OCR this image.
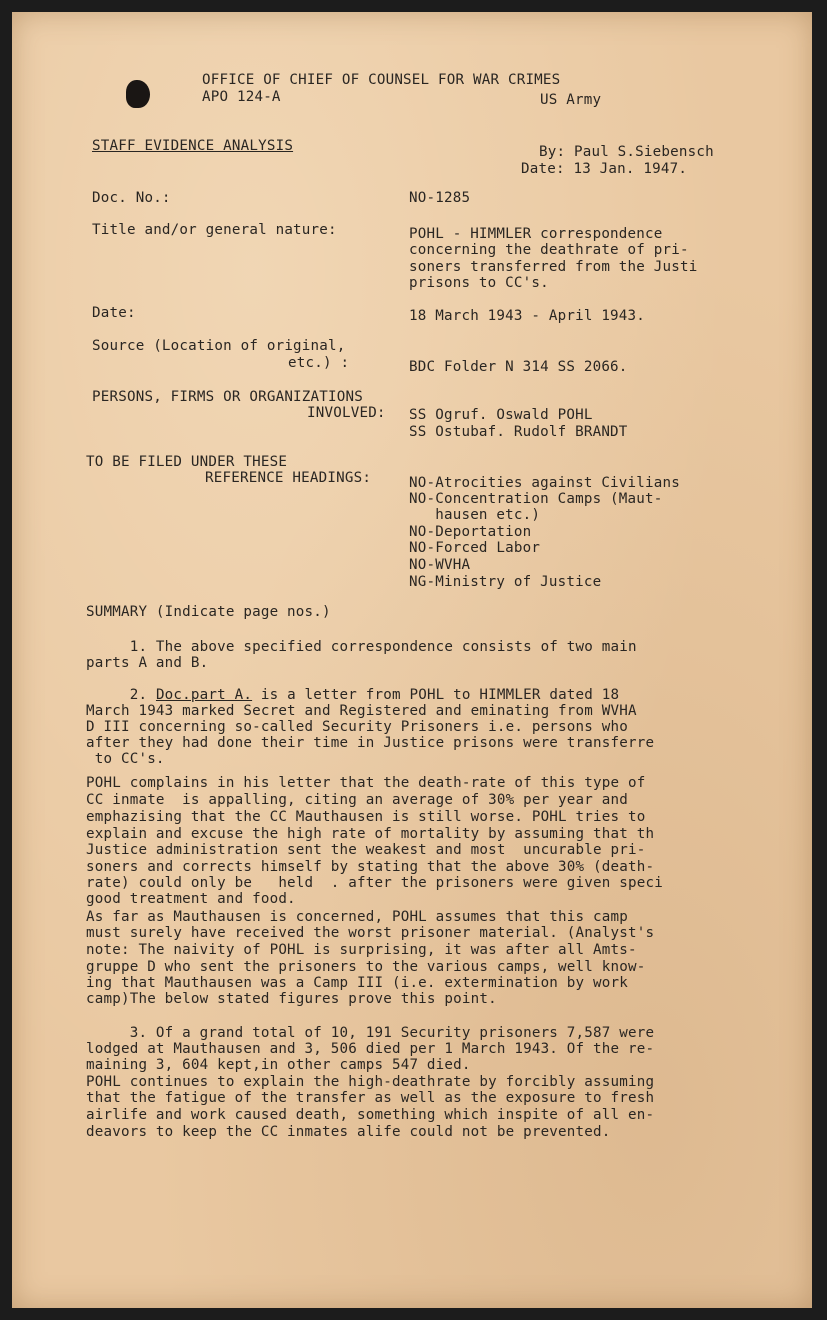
OFFICE OF CHIEF OF COUNSEL FOR WAR CRIMES
APO 124-A	US Army
STAFF EVIDENCE ANALYSIS	By: Paul S.Siebensch
Date: 13 Jan. 1947.
Doc. No.:	NO-1285
Title and/or general nature:	POHL - HIMMLER correspondence
concerning the deathrate of pri-
soners transferred from the Justi
prisons to CC's.
Date:	18 March 1943 - April 1943.
Source (Location of original,
etc.) :	BDC Folder N 314 SS 2066.
PERSONS, FIRMS OR ORGANIZATIONS
INVOLVED: SS Ogruf. Oswald POHL
SS Ostubaf. Rudolf BRANDT
TO BE FILED UNDER THESE
REFERENCE HEADINGS:	NO-Atrocities against Civilians
NO-Concentration Camps (Maut-
hausen etc.)
NO-Deportation
NO-Forced Labor
NO-WVHA
NG-Ministry of Justice
SUMMARY (Indicate page nos.)
1. The above specified correspondence consists of two main
parts A and B.
2. Doc.part A. is a letter from POHL to HIMMLER dated 18
March 1943 marked Secret and Registered and eminating from WVHA
D III concerning so-called Security Prisoners i.e. persons who
after they had done their time in Justice prisons were transferre
to CC's.
POHL complains in his letter that the death-rate of this type of
CC inmate  is appalling, citing an average of 30% per year and
emphazising that the CC Mauthausen is still worse. POHL tries to
explain and excuse the high rate of mortality by assuming that th
Justice administration sent the weakest and most  uncurable pri-
soners and corrects himself by stating that the above 30% (death-
rate) could only be   held  . after the prisoners were given speci
good treatment and food.
As far as Mauthausen is concerned, POHL assumes that this camp
must surely have received the worst prisoner material. (Analyst's
note: The naivity of POHL is surprising, it was after all Amts-
gruppe D who sent the prisoners to the various camps, well know-
ing that Mauthausen was a Camp III (i.e. extermination by work
camp)The below stated figures prove this point.
3. Of a grand total of 10, 191 Security prisoners 7,587 were
lodged at Mauthausen and 3, 506 died per 1 March 1943. Of the re-
maining 3, 604 kept,in other camps 547 died.
POHL continues to explain the high-deathrate by forcibly assuming
that the fatigue of the transfer as well as the exposure to fresh
airlife and work caused death, something which inspite of all en-
deavors to keep the CC inmates alife could not be prevented.
